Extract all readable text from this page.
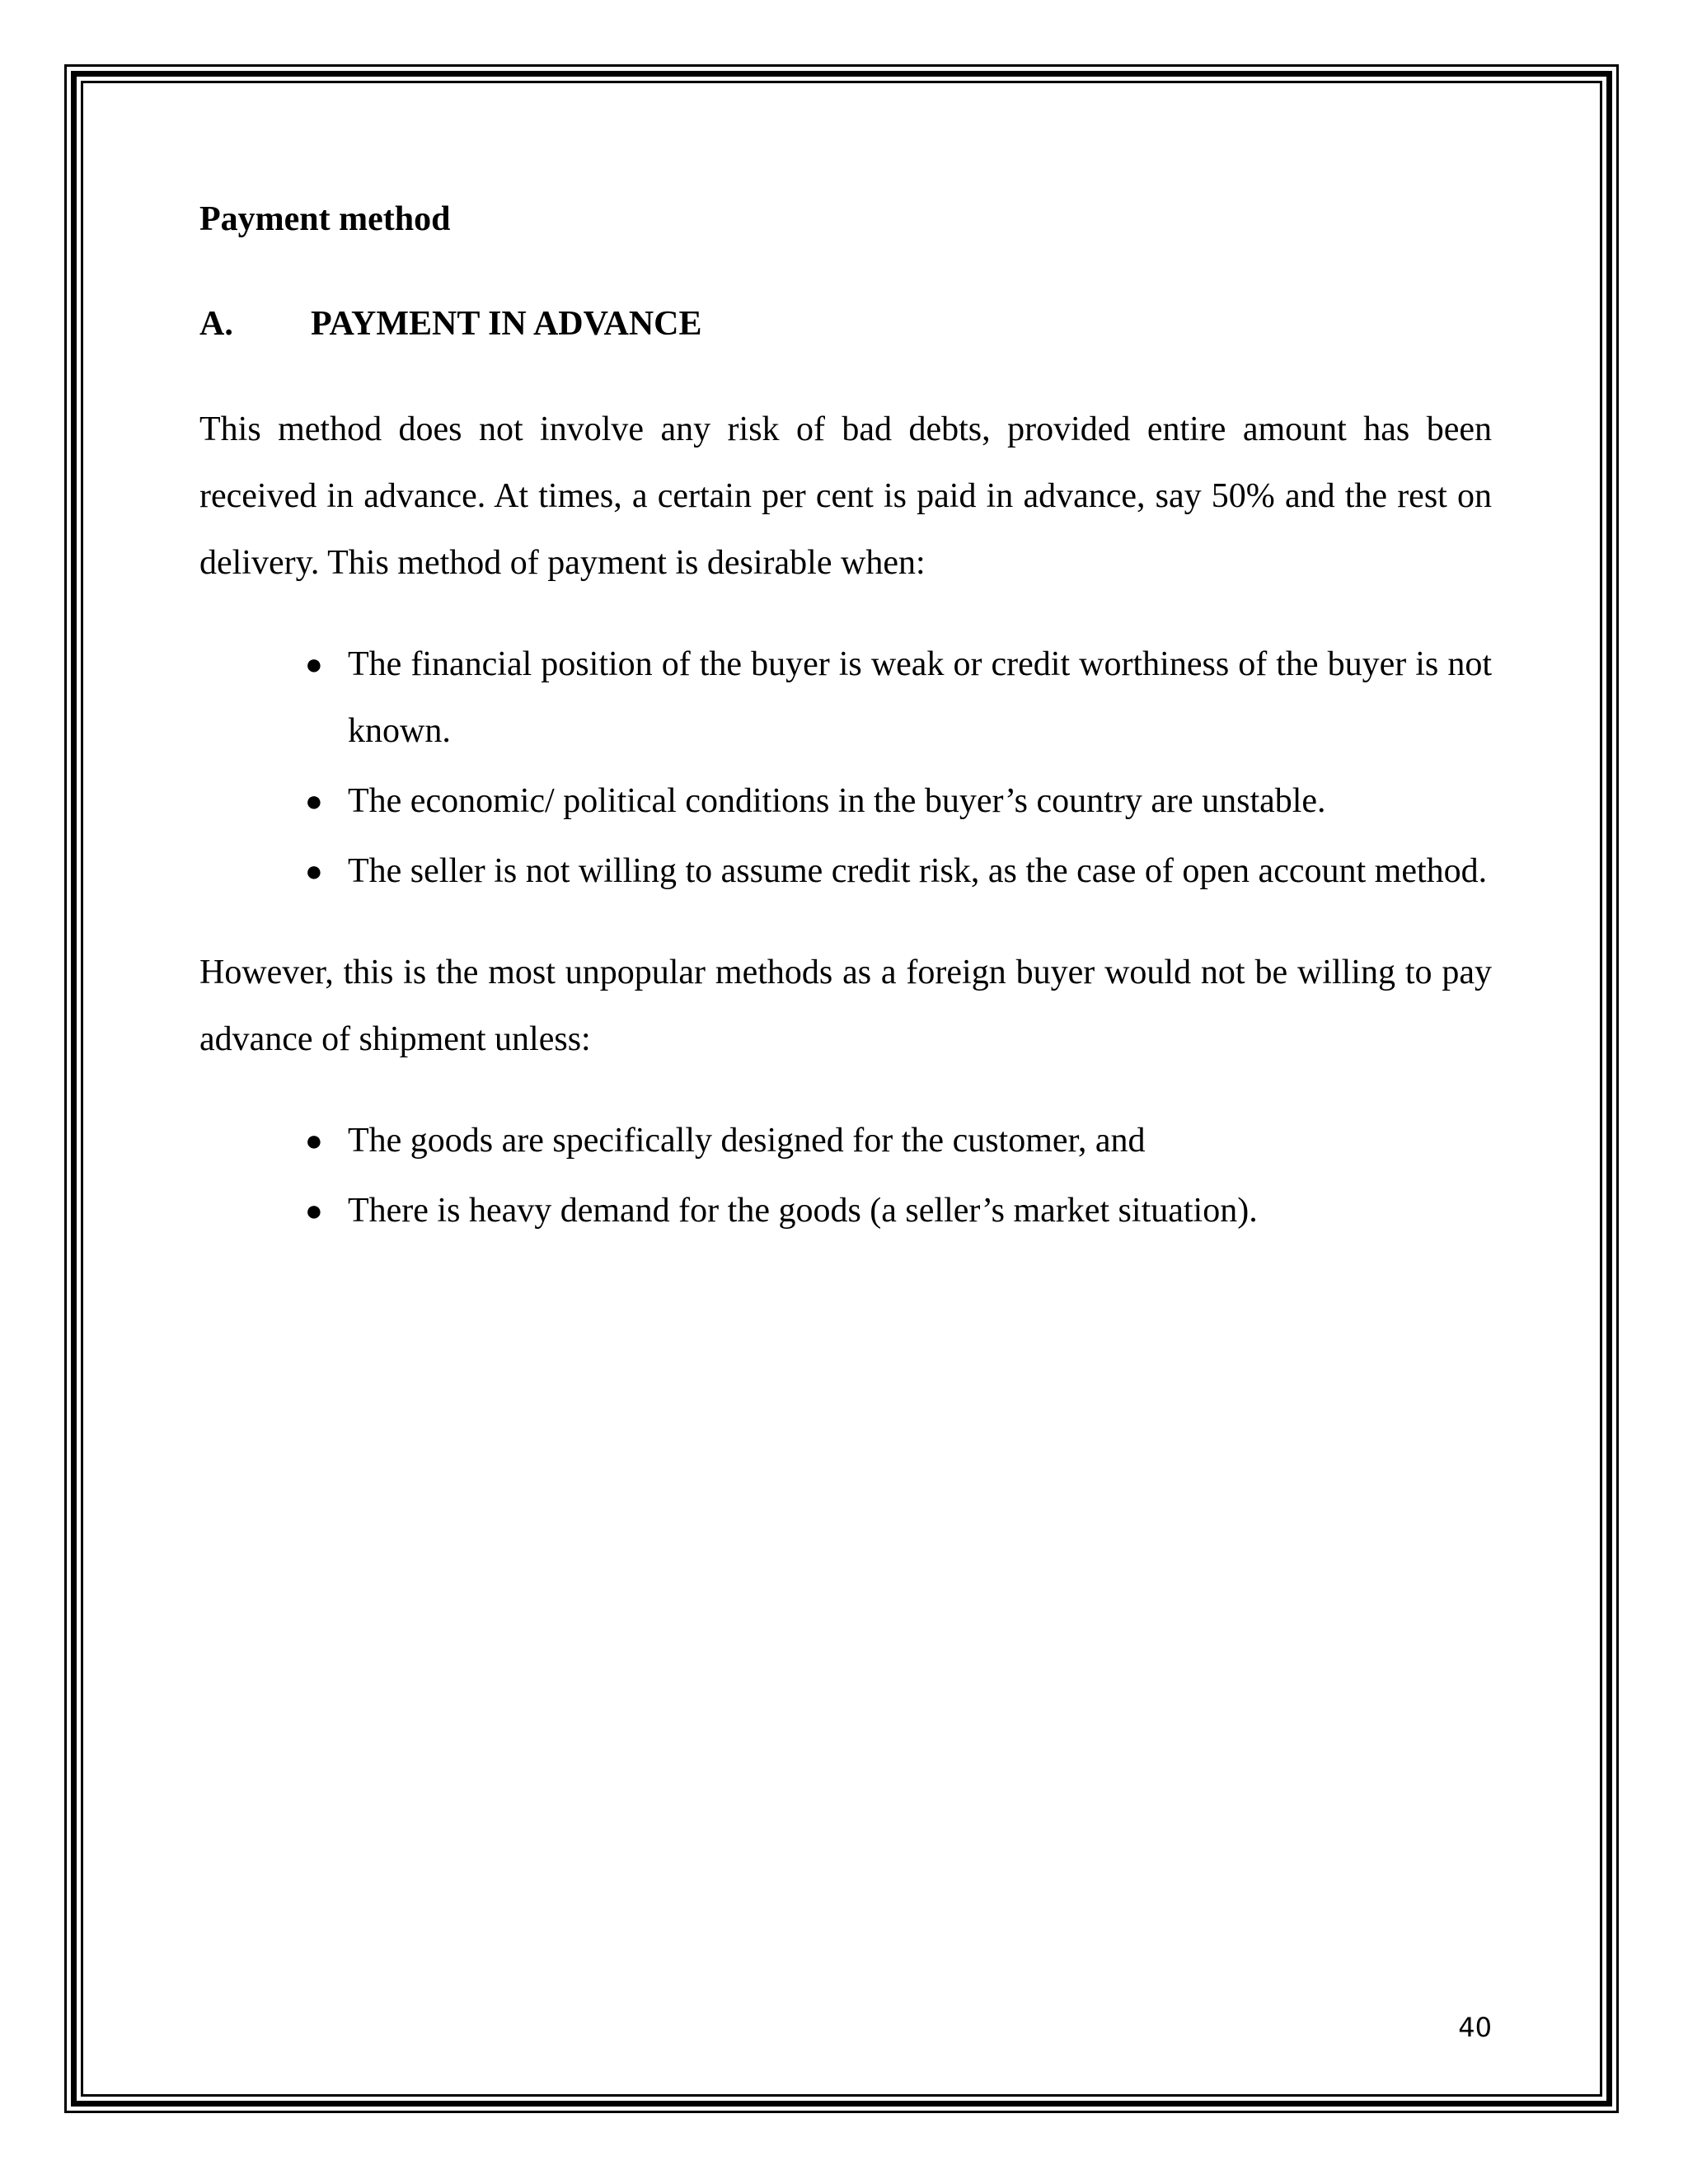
Payment method

A.	PAYMENT IN ADVANCE

This method does not involve any risk of bad debts, provided entire amount has been received in advance. At times, a certain per cent is paid in advance, say 50% and the rest on delivery. This method of payment is desirable when:

● The financial position of the buyer is weak or credit worthiness of the buyer is not known.
● The economic/ political conditions in the buyer’s country are unstable.
● The seller is not willing to assume credit risk, as the case of open account method.

However, this is the most unpopular methods as a foreign buyer would not be willing to pay advance of shipment unless:

● The goods are specifically designed for the customer, and
● There is heavy demand for the goods (a seller’s market situation).
40
